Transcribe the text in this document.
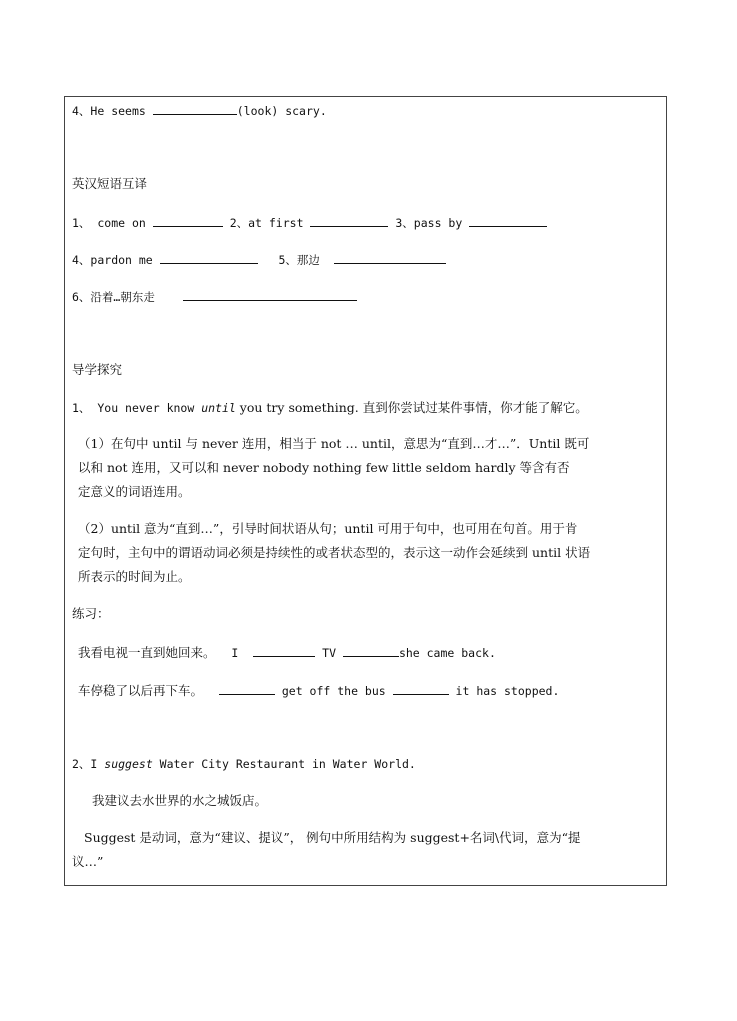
4、He seems	(look) scary.
英汉短语互译
1、 come on	2、at first	3、pass by
4、pardon me	5、那边
6、沿着…朝东走
导学探究
1、 You never know until you try something. 直到你尝试过某件事情，你才能了解它。
（1）在句中 until 与 never 连用，相当于 not … until，意思为“直到…才…”．Until 既可
以和 not 连用，又可以和 never nobody nothing few little seldom hardly 等含有否
定意义的词语连用。
（2）until 意为“直到…”，引导时间状语从句；until 可用于句中，也可用在句首。用于肯
定句时，主句中的谓语动词必须是持续性的或者状态型的，表示这一动作会延续到 until 状语
所表示的时间为止。
练习：
我看电视一直到她回来。 I	TV	she came back.
车停稳了以后再下车。	get off the bus	it has stopped.
2、I suggest Water City Restaurant in Water World.
我建议去水世界的水之城饭店。
Suggest 是动词，意为“建议、提议”， 例句中所用结构为 suggest+名词\代词，意为“提
议…”
